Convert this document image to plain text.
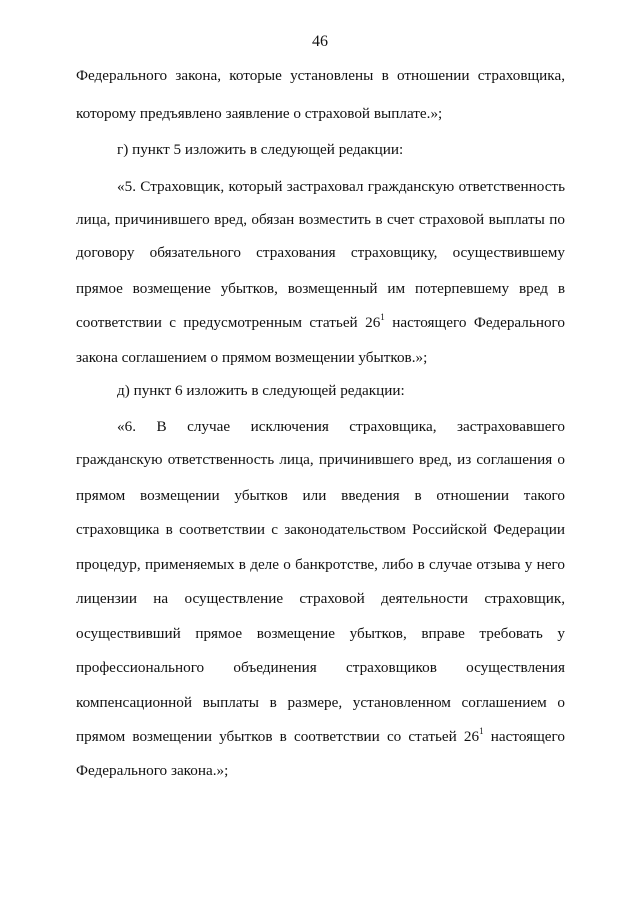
46
Федерального закона, которые установлены в отношении страховщика,
которому предъявлено заявление о страховой выплате.»;
г) пункт 5 изложить в следующей редакции:
«5. Страховщик, который застраховал гражданскую ответственность
лица, причинившего вред, обязан возместить в счет страховой выплаты по
договору обязательного страхования страховщику, осуществившему
прямое возмещение убытков, возмещенный им потерпевшему вред в
соответствии с предусмотренным статьей $26^1$ настоящего Федерального
закона соглашением о прямом возмещении убытков.»;
д) пункт 6 изложить в следующей редакции:
«6. В случае исключения страховщика, застраховавшего
гражданскую ответственность лица, причинившего вред, из соглашения о
прямом возмещении убытков или введения в отношении такого
страховщика в соответствии с законодательством Российской Федерации
процедур, применяемых в деле о банкротстве, либо в случае отзыва у него
лицензии на осуществление страховой деятельности страховщик,
осуществивший прямое возмещение убытков, вправе требовать у
профессионального объединения страховщиков осуществления
компенсационной выплаты в размере, установленном соглашением о
прямом возмещении убытков в соответствии со статьей $26^1$ настоящего
Федерального закона.»;
